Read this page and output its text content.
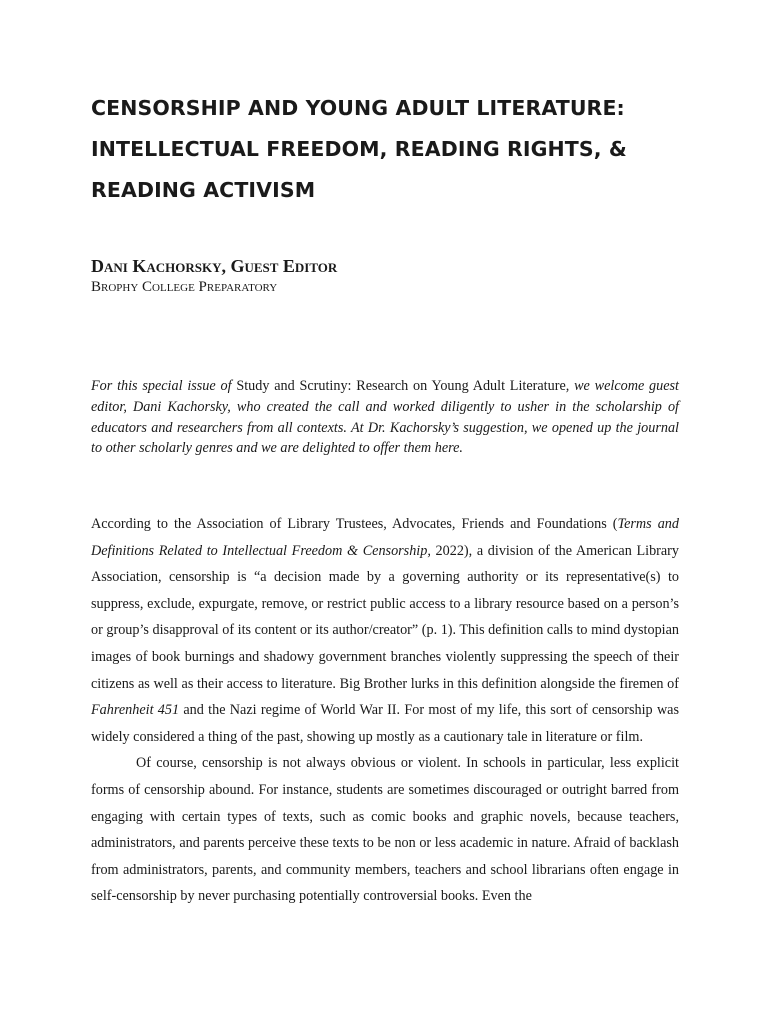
CENSORSHIP AND YOUNG ADULT LITERATURE:
INTELLECTUAL FREEDOM, READING RIGHTS, &
READING ACTIVISM
Dani Kachorsky, Guest Editor
Brophy College Preparatory
For this special issue of Study and Scrutiny: Research on Young Adult Literature, we welcome guest editor, Dani Kachorsky, who created the call and worked diligently to usher in the scholarship of educators and researchers from all contexts. At Dr. Kachorsky’s suggestion, we opened up the journal to other scholarly genres and we are delighted to offer them here.

According to the Association of Library Trustees, Advocates, Friends and Foundations (Terms and Definitions Related to Intellectual Freedom & Censorship, 2022), a division of the American Library Association, censorship is “a decision made by a governing authority or its representative(s) to suppress, exclude, expurgate, remove, or restrict public access to a library resource based on a person’s or group’s disapproval of its content or its author/creator” (p. 1). This definition calls to mind dystopian images of book burnings and shadowy government branches violently suppressing the speech of their citizens as well as their access to literature. Big Brother lurks in this definition alongside the firemen of Fahrenheit 451 and the Nazi regime of World War II. For most of my life, this sort of censorship was widely considered a thing of the past, showing up mostly as a cautionary tale in literature or film.

Of course, censorship is not always obvious or violent. In schools in particular, less explicit forms of censorship abound. For instance, students are sometimes discouraged or outright barred from engaging with certain types of texts, such as comic books and graphic novels, because teachers, administrators, and parents perceive these texts to be non or less academic in nature. Afraid of backlash from administrators, parents, and community members, teachers and school librarians often engage in self-censorship by never purchasing potentially controversial books. Even the
